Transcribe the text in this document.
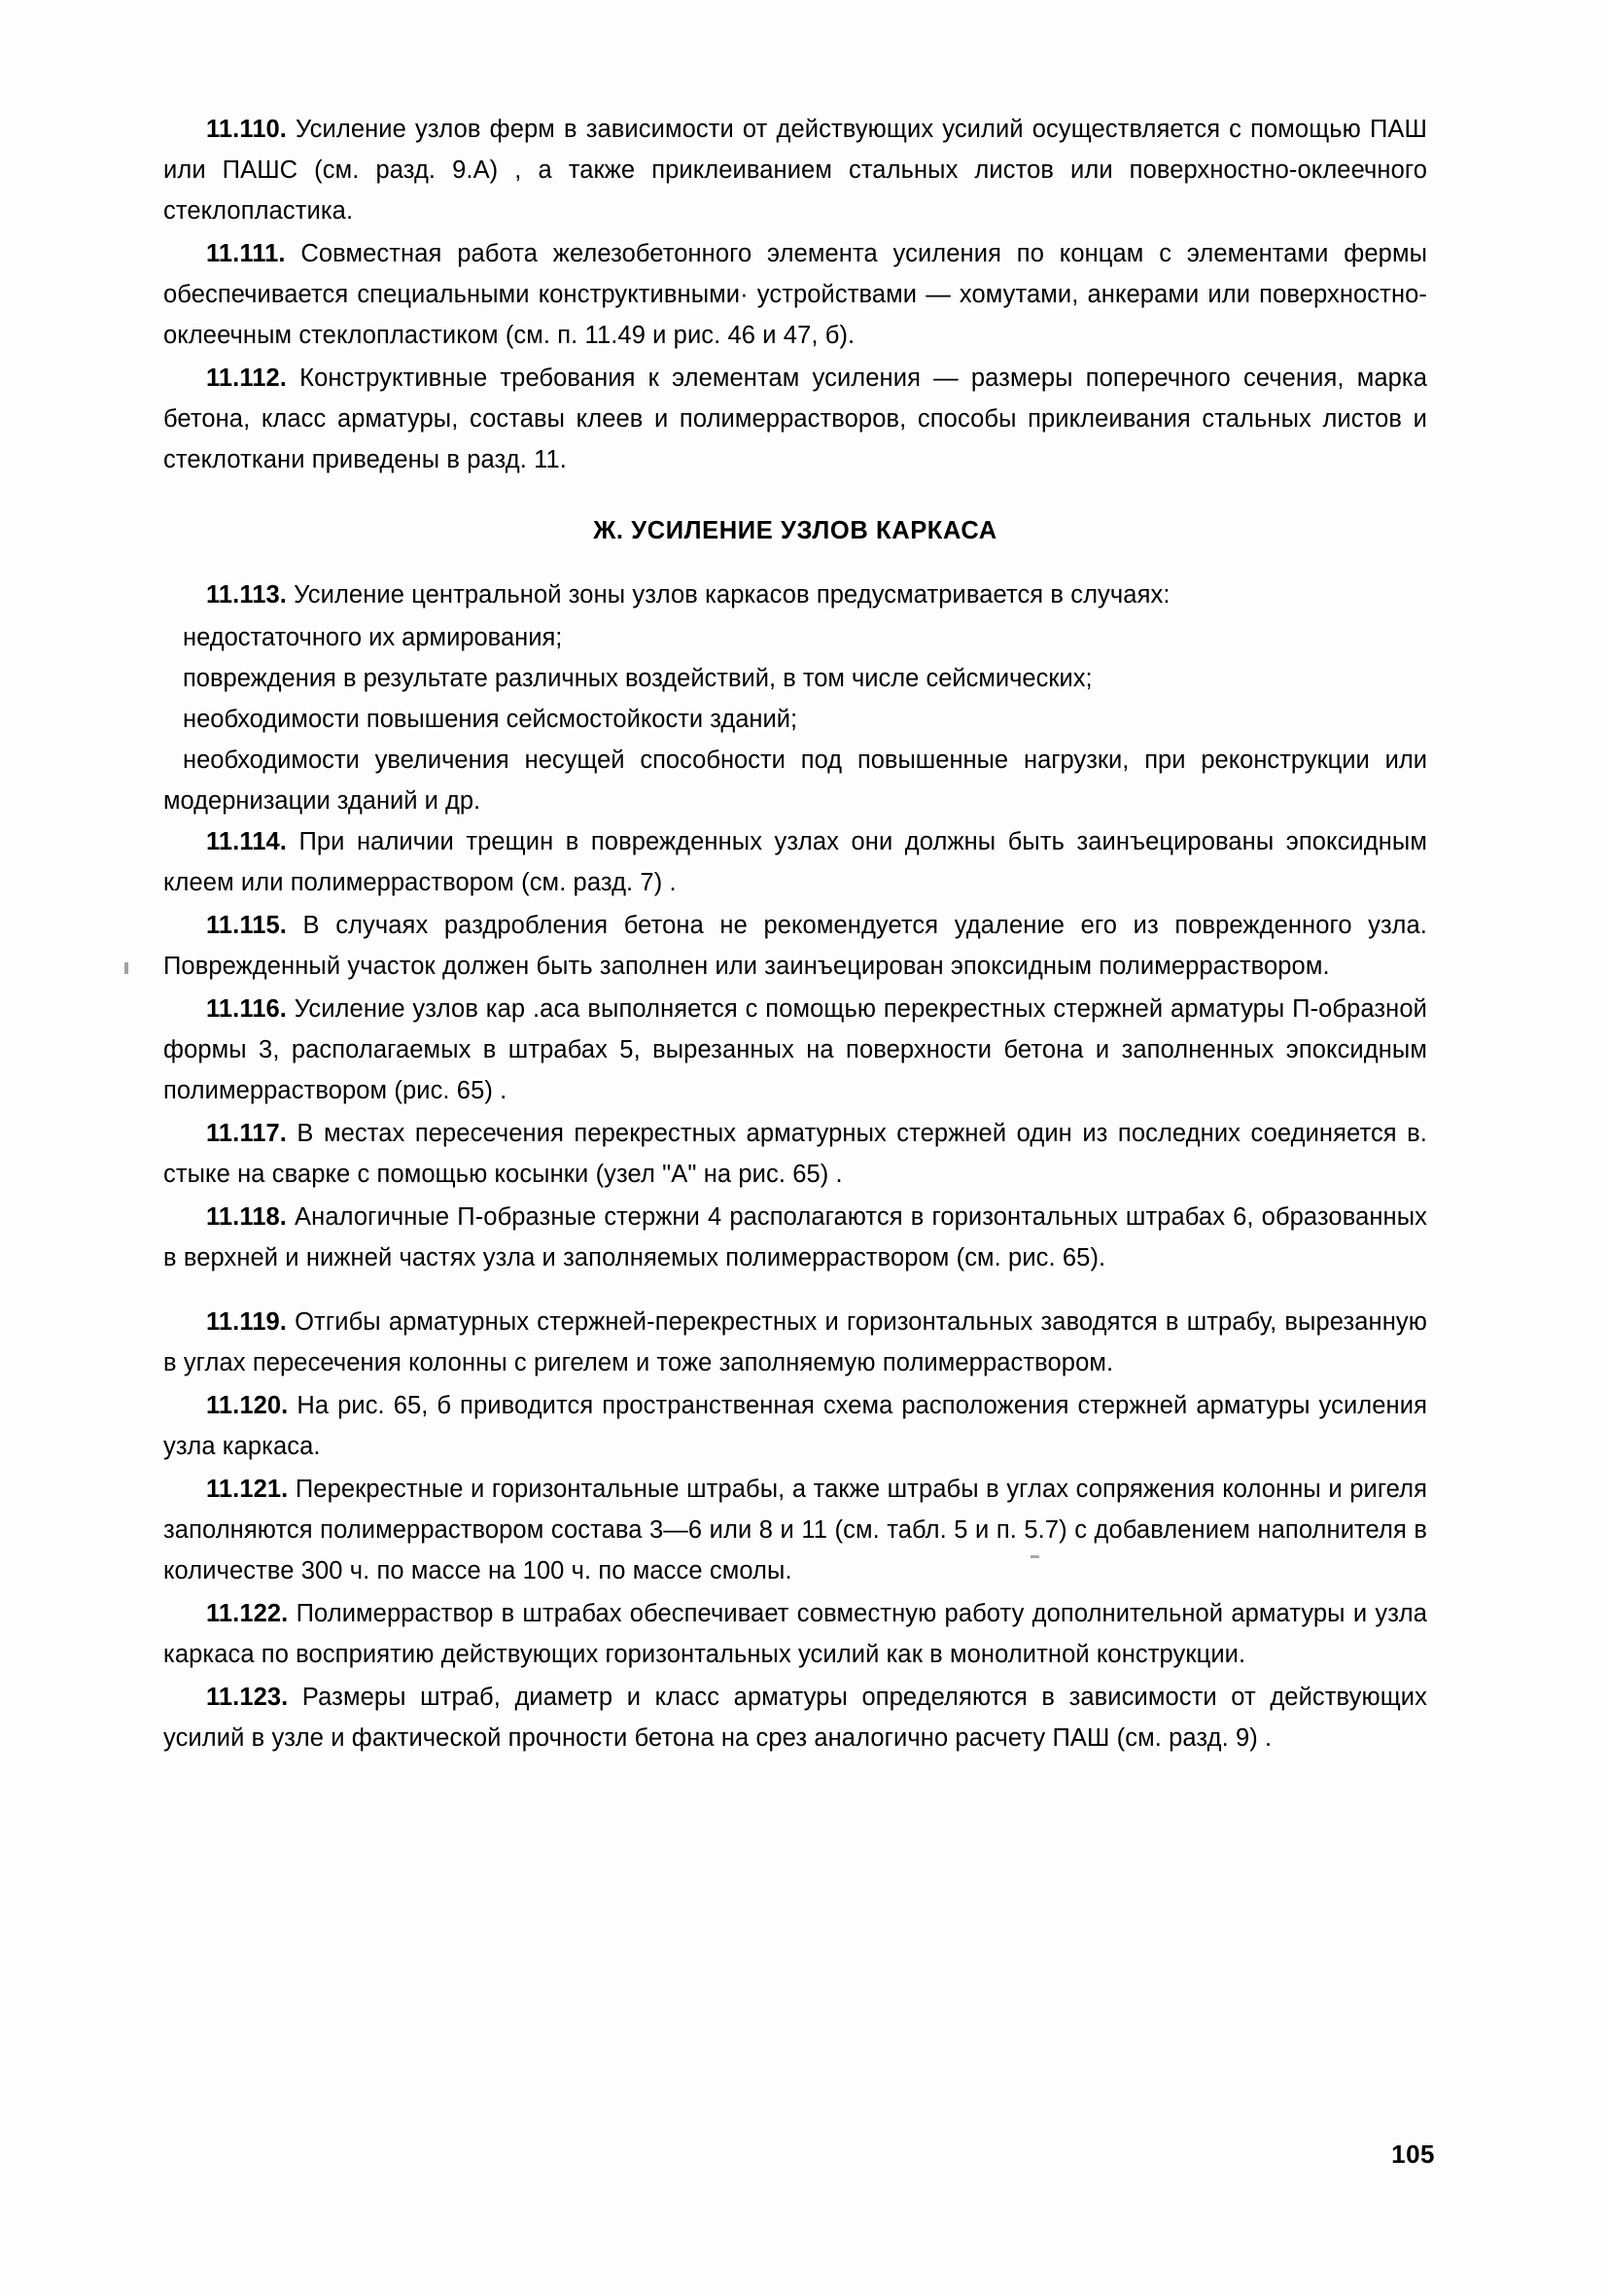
11.110. Усиление узлов ферм в зависимости от действующих усилий осуществляется с помощью ПАШ или ПАШС (см. разд. 9.А) , а также приклеиванием стальных листов или поверхностно-оклеечного стеклопластика.

11.111. Совместная работа железобетонного элемента усиления по концам с элементами фермы обеспечивается специальными конструктивными· устройствами — хомутами, анкерами или поверхностно-оклеечным стеклопластиком (см. п. 11.49 и рис. 46 и 47, б).

11.112. Конструктивные требования к элементам усиления — размеры поперечного сечения, марка бетона, класс арматуры, составы клеев и полимеррастворов, способы приклеивания стальных листов и стеклоткани приведены в разд. 11.

Ж. УСИЛЕНИЕ УЗЛОВ КАРКАСА

11.113. Усиление центральной зоны узлов каркасов предусматривается в случаях:

недостаточного их армирования;

повреждения в результате различных воздействий, в том числе сейсмических;

необходимости повышения сейсмостойкости зданий;

необходимости увеличения несущей способности под повышенные нагрузки, при реконструкции или модернизации зданий и др.

11.114. При наличии трещин в поврежденных узлах они должны быть заинъецированы эпоксидным клеем или полимерраствором (см. разд. 7) .

11.115. В случаях раздробления бетона не рекомендуется удаление его из поврежденного узла. Поврежденный участок должен быть заполнен или заинъецирован эпоксидным полимерраствором.

11.116. Усиление узлов кар .аса выполняется с помощью перекрестных стержней арматуры П-образной формы 3, располагаемых в штрабах 5, вырезанных на поверхности бетона и заполненных эпоксидным полимерраствором (рис. 65) .

11.117. В местах пересечения перекрестных арматурных стержней один из последних соединяется в. стыке на сварке с помощью косынки (узел "А" на рис. 65) .

11.118. Аналогичные П-образные стержни 4 располагаются в горизонтальных штрабах 6, образованных в верхней и нижней частях узла и заполняемых полимерраствором (см. рис. 65).

11.119. Отгибы арматурных стержней-перекрестных и горизонтальных заводятся в штрабу, вырезанную в углах пересечения колонны с ригелем и тоже заполняемую полимерраствором.

11.120. На рис. 65, б приводится пространственная схема расположения стержней арматуры усиления узла каркаса.

11.121. Перекрестные и горизонтальные штрабы, а также штрабы в углах сопряжения колонны и ригеля заполняются полимерраствором состава 3—6 или 8 и 11 (см. табл. 5 и п. 5.7) с добавлением наполнителя в количестве 300 ч. по массе на 100 ч. по массе смолы.

11.122. Полимерраствор в штрабах обеспечивает совместную работу дополнительной арматуры и узла каркаса по восприятию действующих горизонтальных усилий как в монолитной конструкции.

11.123. Размеры штраб, диаметр и класс арматуры определяются в зависимости от действующих усилий в узле и фактической прочности бетона на срез аналогично расчету ПАШ (см. разд. 9) .

105
